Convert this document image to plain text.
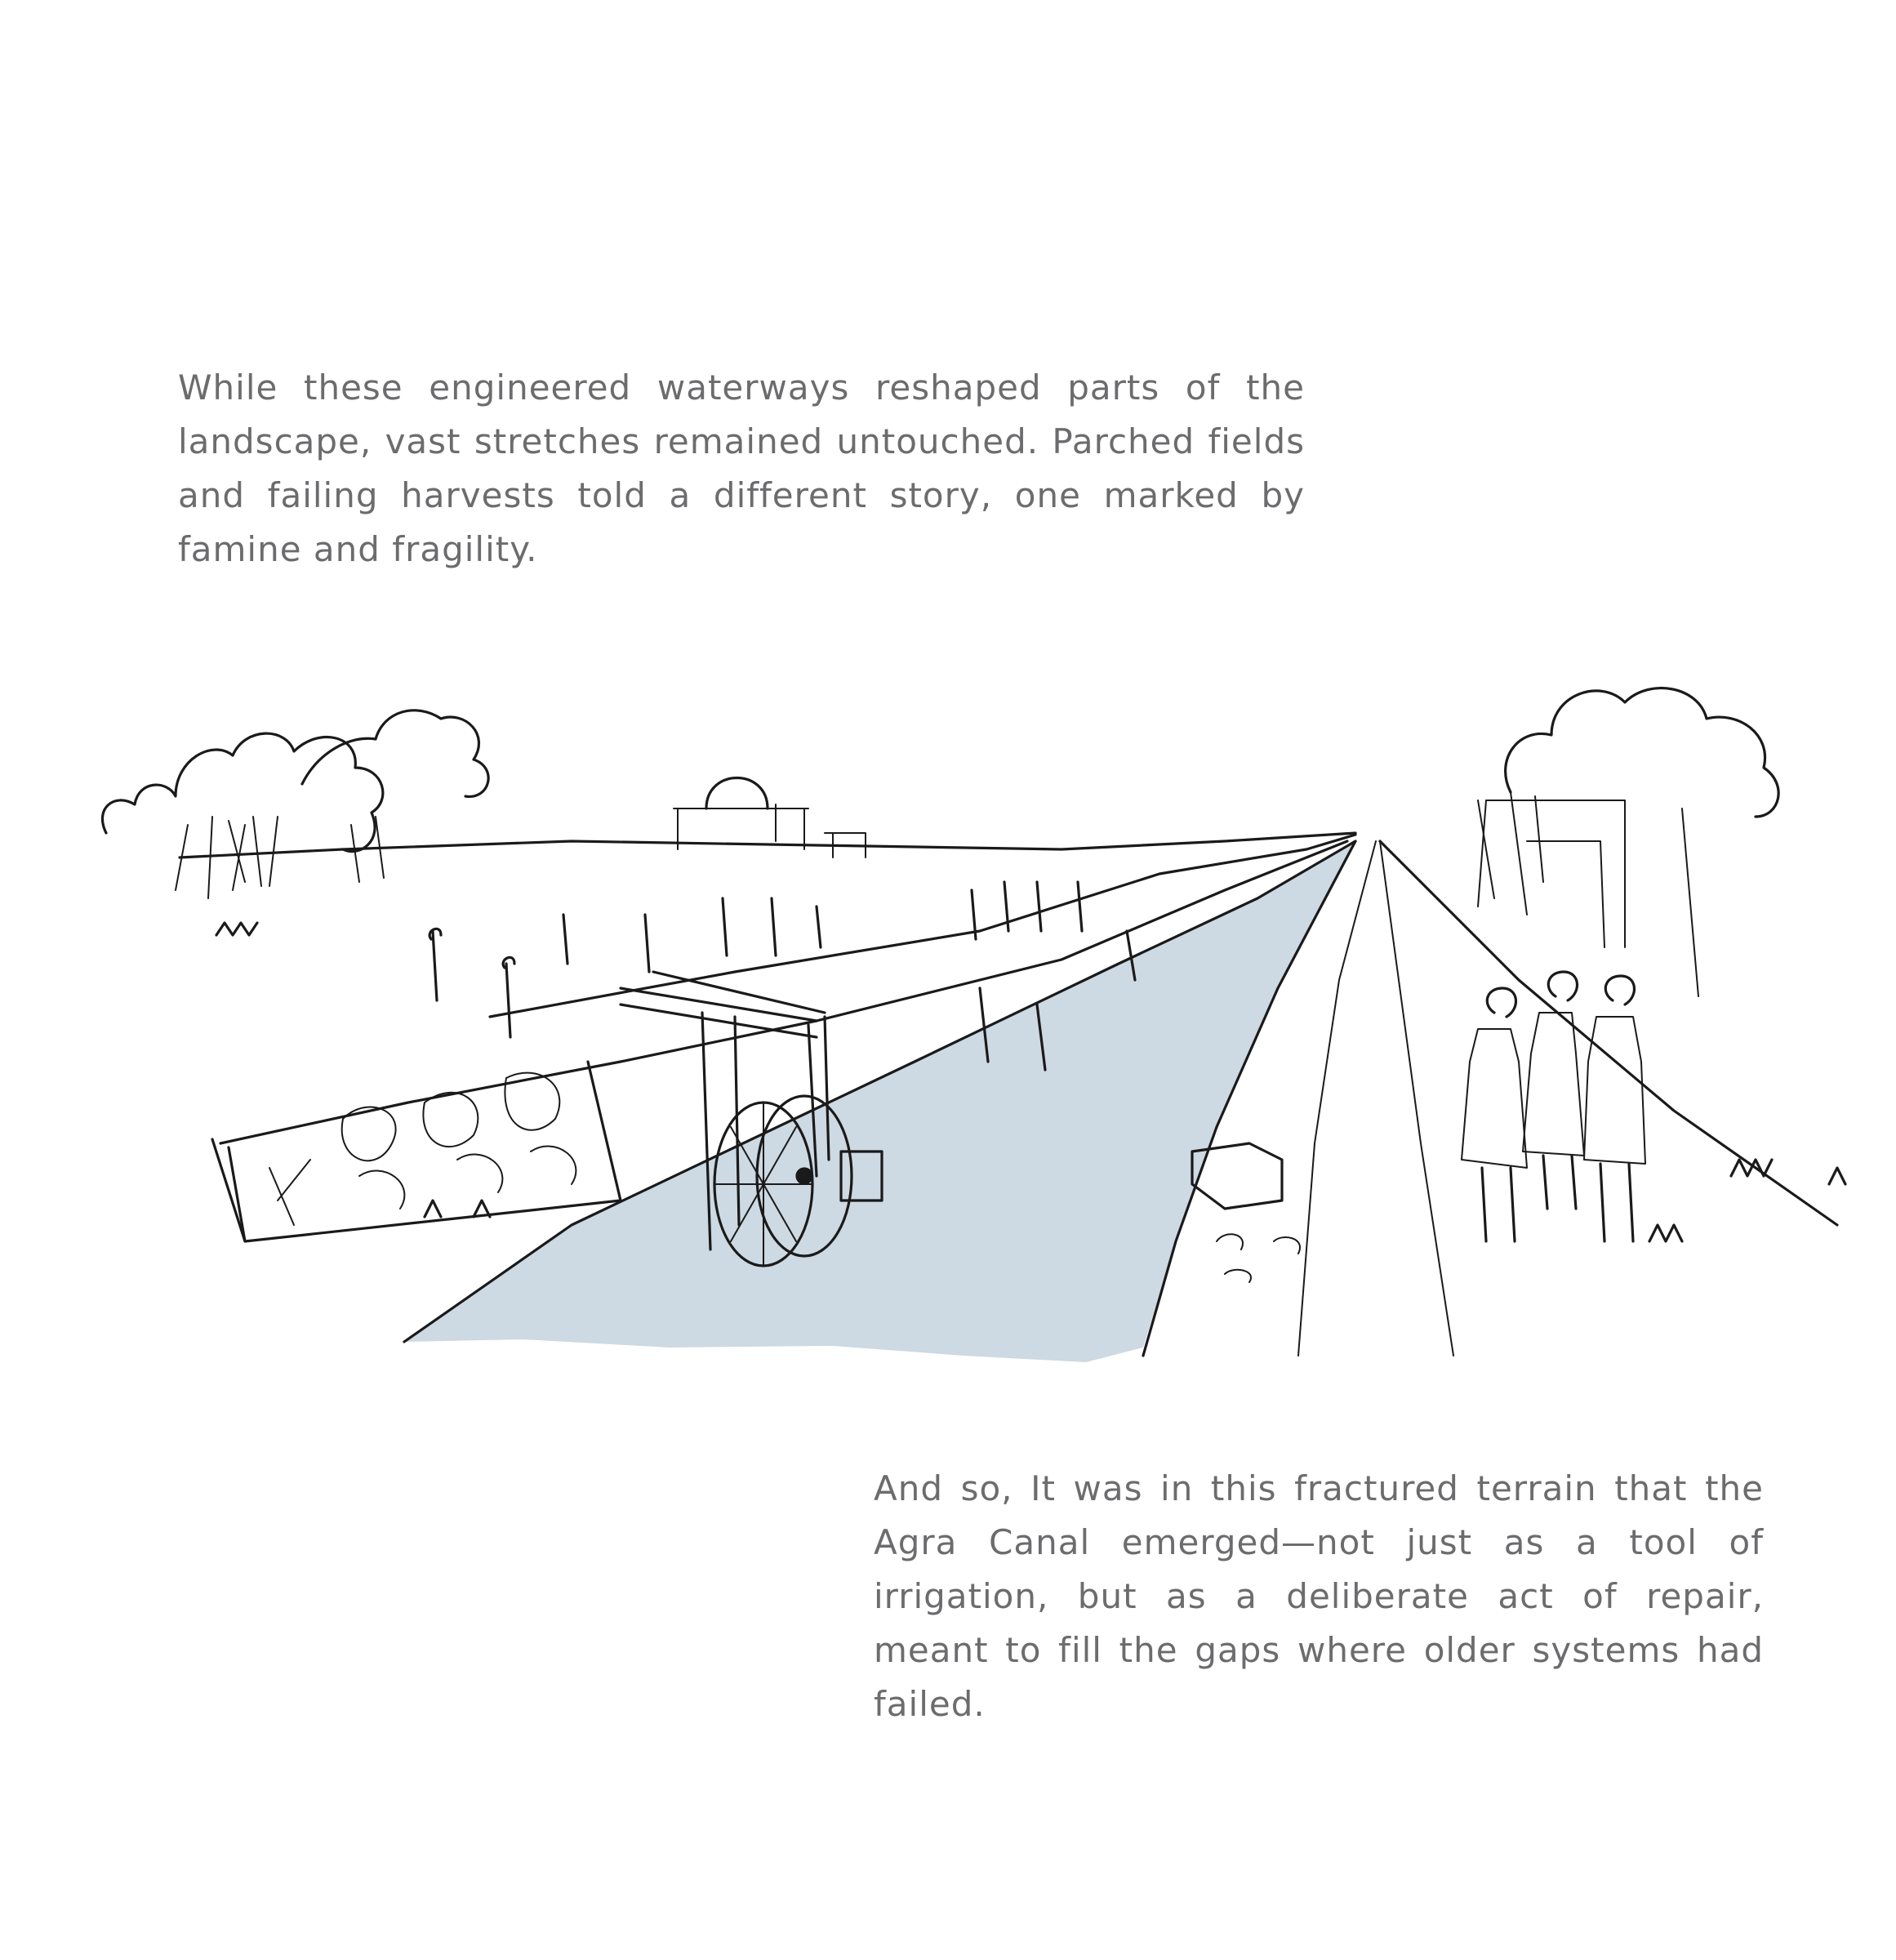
While these engineered waterways reshaped parts of the landscape, vast stretches remained untouched. Parched fields and failing harvests told a different story, one marked by famine and fragility.

And so, It was in this fractured terrain that the Agra Canal emerged—not just as a tool of irrigation, but as a deliberate act of repair, meant to fill the gaps where older systems had failed.
